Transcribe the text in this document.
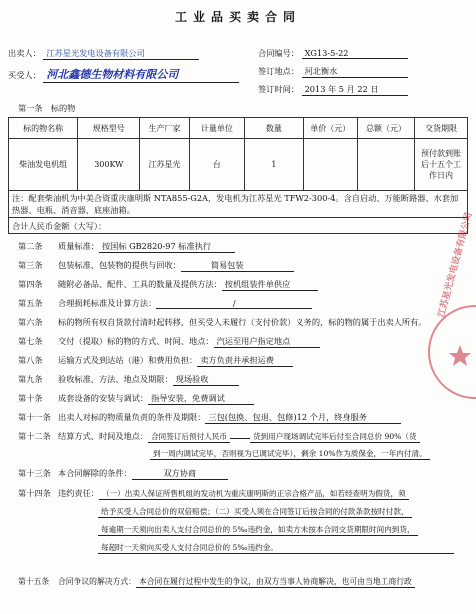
工业品买卖合同
出卖人： 江苏星光发电设备有限公司
买受人： 河北鑫德生物材料有限公司
合同编号： XG13-5-22
签订地点： 河北衡水
签订时间： 2013 年 5 月 22 日
第一条　标的物
标的物名称	规格型号	生产厂家	计量单位	数量	单价（元）	总额（元）	交货期限
柴油发电机组	300KW	江苏星光	台	1			预付款到账后十五个工作日内
注：配套柴油机为中美合资重庆康明斯 NTA855-G2A，发电机为江苏星光 TFW2-300-4。含自启动、万能断路器、水套加热器、电瓶、消音器、底座油箱。
合计人民币金额（大写）：
第二条 质量标准： 按国标 GB2820-97 标准执行
第三条 包装标准、包装物的提供与回收：	简易包装
第四条 随附必备品、配件、工具的数量及提供方法： 按机组装件单供应
第五条 合理损耗标准及计算方法：	/
第六条 标的物所有权自货款付清时起转移，但买受人未履行（支付价款）义务的，标的物的属于出卖人所有。
第七条 交付（提取）标的物的方式、时间、地点： 汽运至用户指定地点
第八条 运输方式及到达站（港）和费用负担： 卖方负责并承担运费
第九条 验收标准、方法、地点及期限： 现场验收
第十条 成套设备的安装与调试： 指导安装，免费调试
第十一条 出卖人对标的物质量负责的条件及期限： 三包(包换、包退、包修)12 个月，终身服务
第十二条 结算方式、时间及地点： 合同签订后预付人民币	货到用户现场调试完毕后付至合同总价 90%（货
到一周内调试完毕，否则视为已调试完毕），剩余 10%作为质保金，一年内付清。
第十三条 本合同解除的条件：	双方协商
第十四条 违约责任： （一）出卖人保证所售机组的发动机为重庆康明斯的正宗合格产品，如若经查明为假货，须
给予买受人合同总价的双倍赔偿；（二）买受人须在合同签订后按合同的付款条款按时付款，
每逾期一天须向出卖人支付合同总价的 5‰违约金，如卖方未按本合同交货期限时间内到货，
每超时一天须向买受人支付合同总价的 5‰违约金。
第十五条 合同争议的解决方式： 本合同在履行过程中发生的争议，由双方当事人协商解决，也可由当地工商行政
江苏星光发电设备有限公司
